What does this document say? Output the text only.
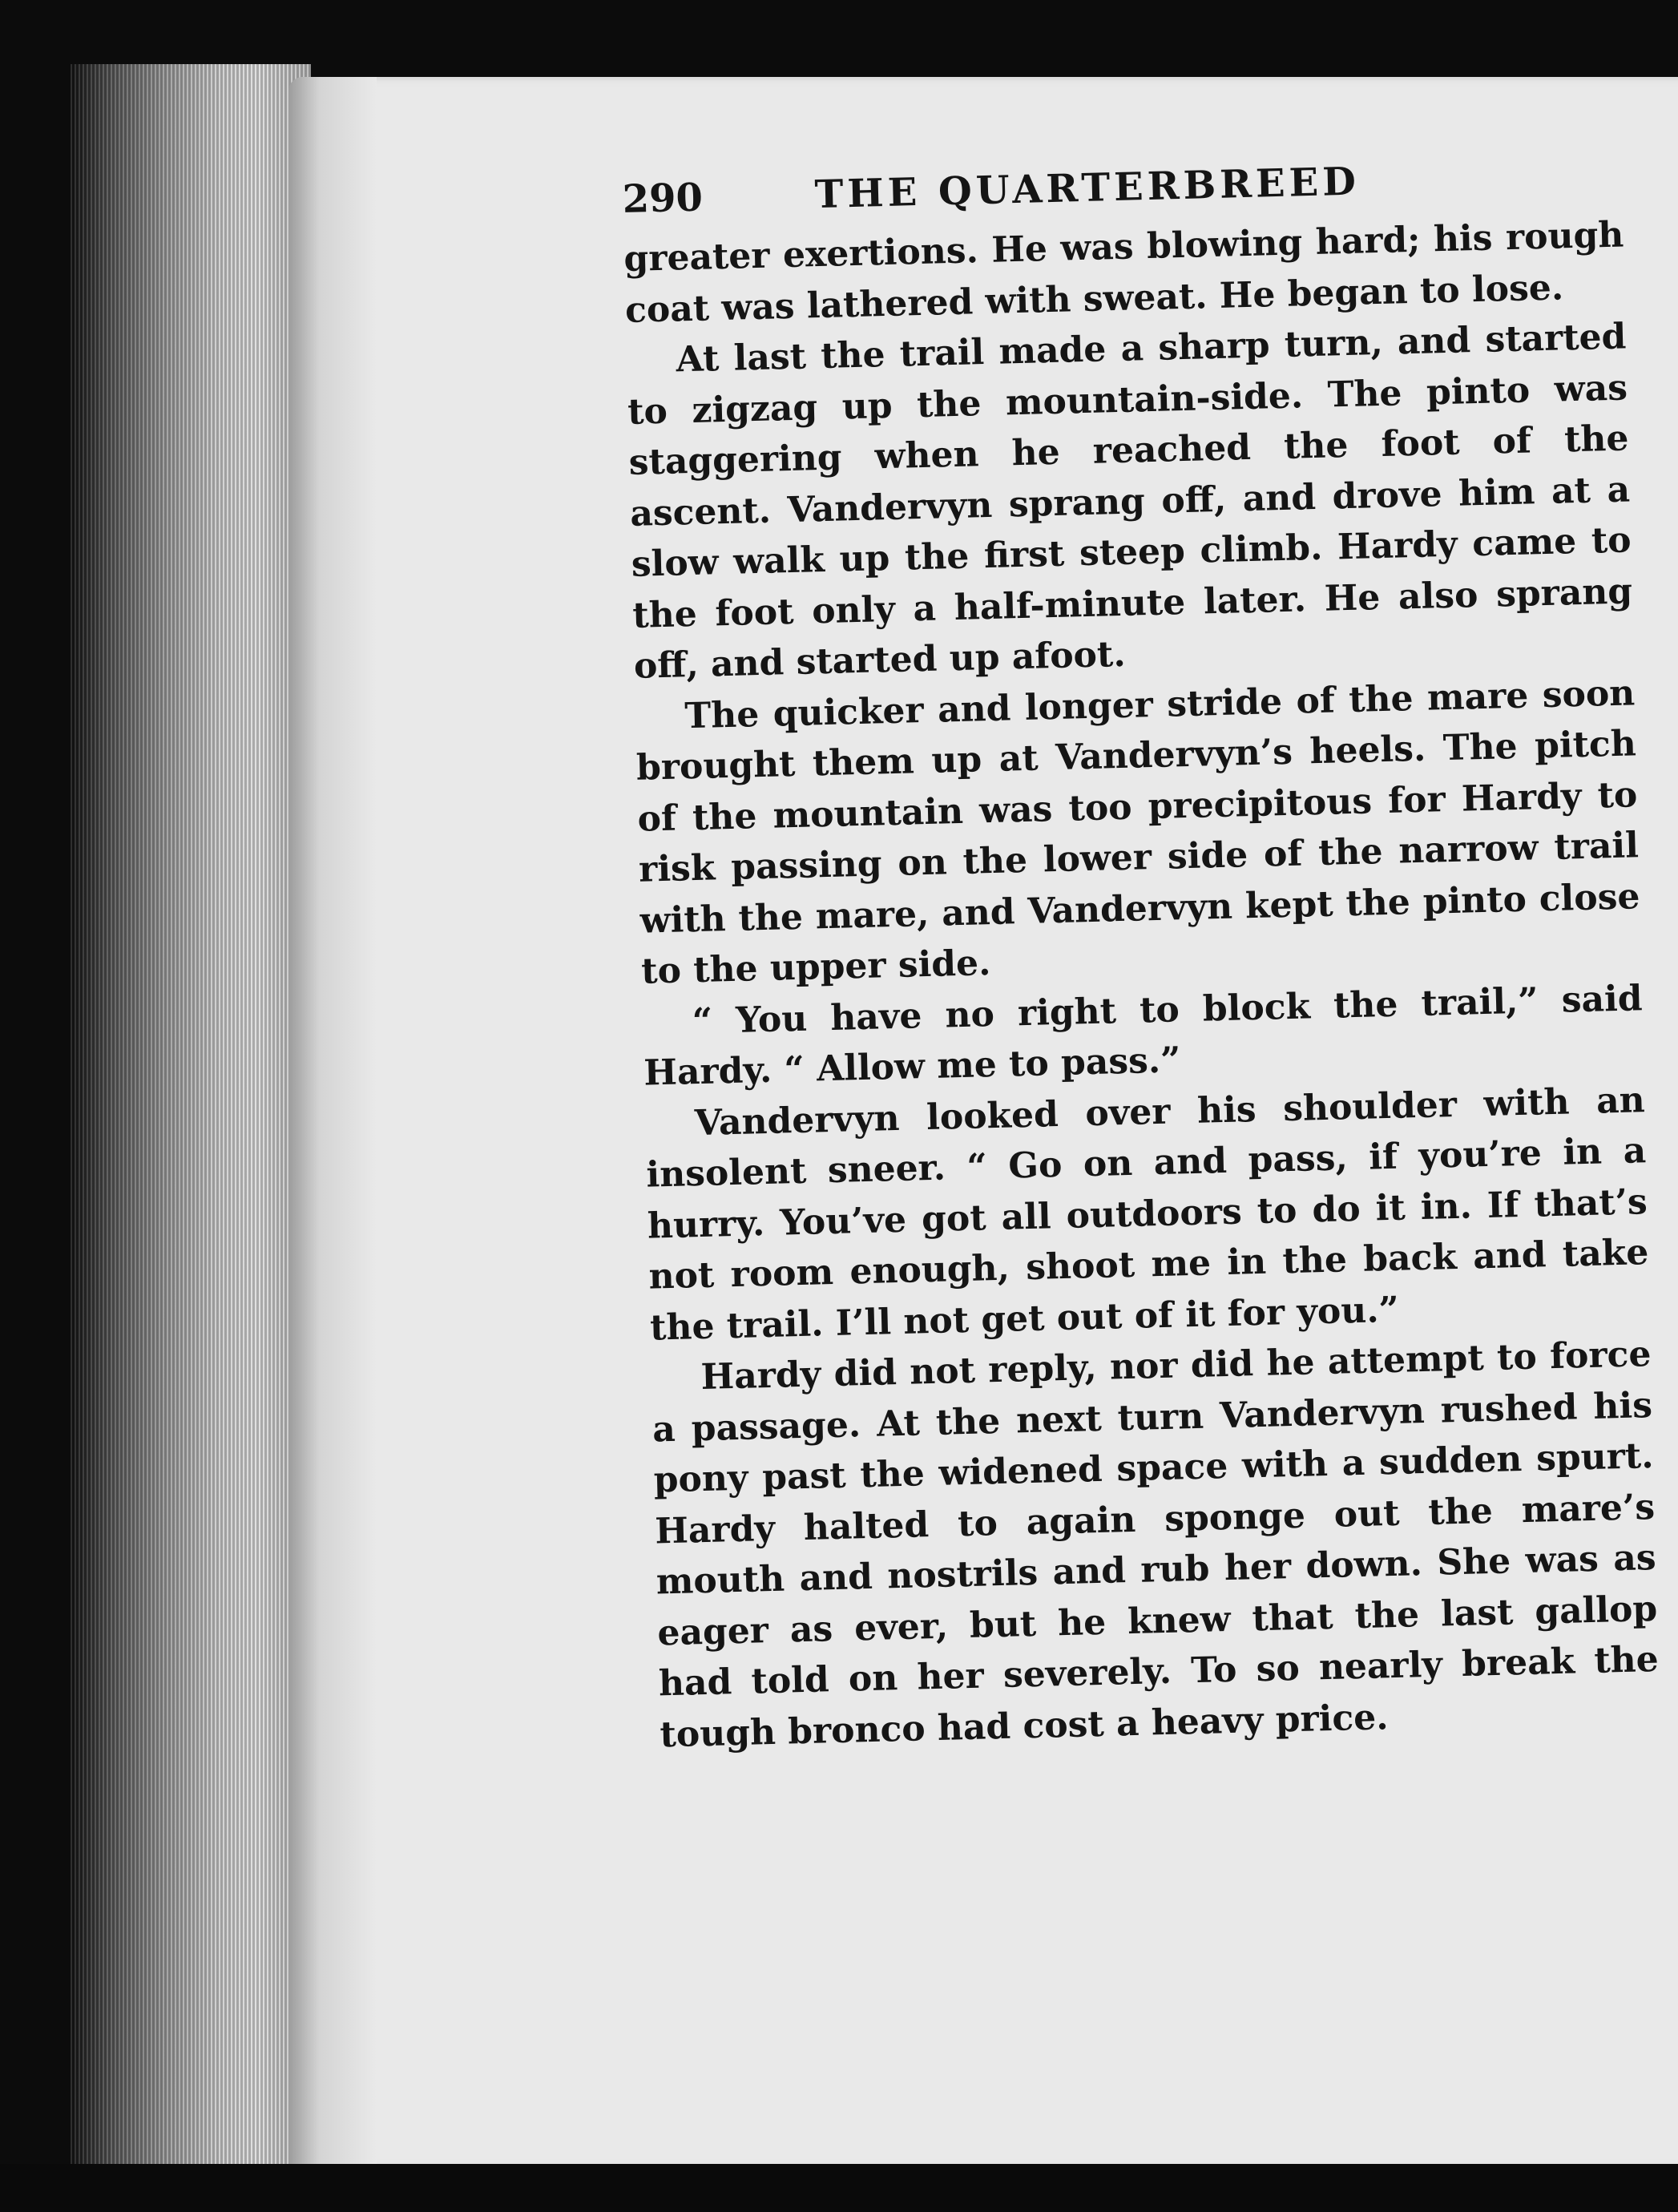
290	THE QUARTERBREED

greater exertions. He was blowing hard; his rough coat was lathered with sweat. He began to lose.

At last the trail made a sharp turn, and started to zigzag up the mountain-side. The pinto was staggering when he reached the foot of the ascent. Vandervyn sprang off, and drove him at a slow walk up the first steep climb. Hardy came to the foot only a half-minute later. He also sprang off, and started up afoot.

The quicker and longer stride of the mare soon brought them up at Vandervyn’s heels. The pitch of the mountain was too precipitous for Hardy to risk passing on the lower side of the narrow trail with the mare, and Vandervyn kept the pinto close to the upper side.

“ You have no right to block the trail,” said Hardy. “ Allow me to pass.”

Vandervyn looked over his shoulder with an insolent sneer. “ Go on and pass, if you’re in a hurry. You’ve got all outdoors to do it in. If that’s not room enough, shoot me in the back and take the trail. I’ll not get out of it for you.”

Hardy did not reply, nor did he attempt to force a passage. At the next turn Vandervyn rushed his pony past the widened space with a sudden spurt. Hardy halted to again sponge out the mare’s mouth and nostrils and rub her down. She was as eager as ever, but he knew that the last gallop had told on her severely. To so nearly break the tough bronco had cost a heavy price.
